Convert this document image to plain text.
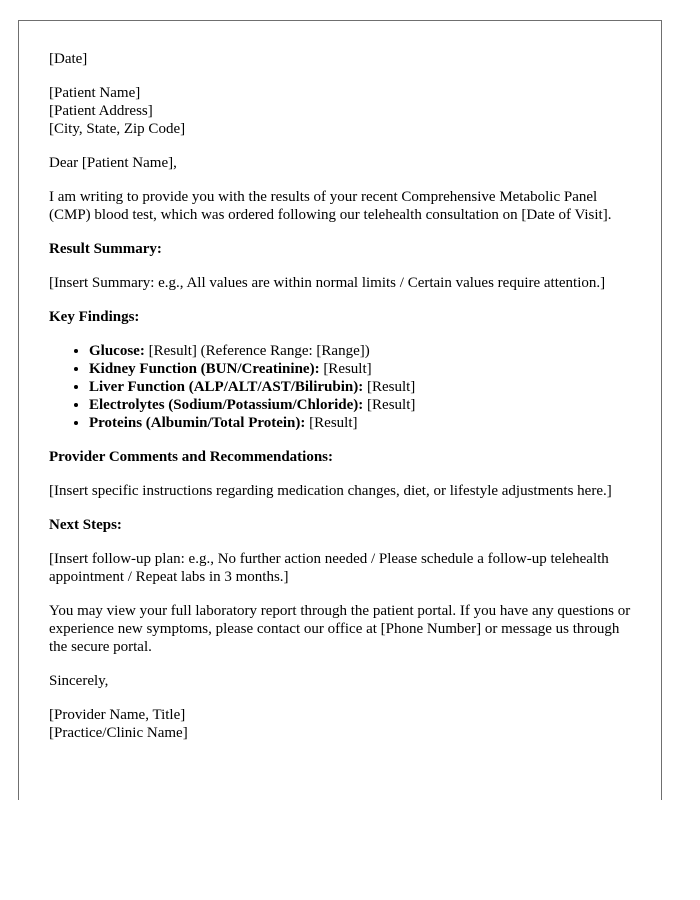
[Date]

[Patient Name]
[Patient Address]
[City, State, Zip Code]

Dear [Patient Name],

I am writing to provide you with the results of your recent Comprehensive Metabolic Panel (CMP) blood test, which was ordered following our telehealth consultation on [Date of Visit].

Result Summary:

[Insert Summary: e.g., All values are within normal limits / Certain values require attention.]

Key Findings:

• Glucose: [Result] (Reference Range: [Range])
• Kidney Function (BUN/Creatinine): [Result]
• Liver Function (ALP/ALT/AST/Bilirubin): [Result]
• Electrolytes (Sodium/Potassium/Chloride): [Result]
• Proteins (Albumin/Total Protein): [Result]

Provider Comments and Recommendations:

[Insert specific instructions regarding medication changes, diet, or lifestyle adjustments here.]

Next Steps:

[Insert follow-up plan: e.g., No further action needed / Please schedule a follow-up telehealth appointment / Repeat labs in 3 months.]

You may view your full laboratory report through the patient portal. If you have any questions or experience new symptoms, please contact our office at [Phone Number] or message us through the secure portal.

Sincerely,

[Provider Name, Title]
[Practice/Clinic Name]
